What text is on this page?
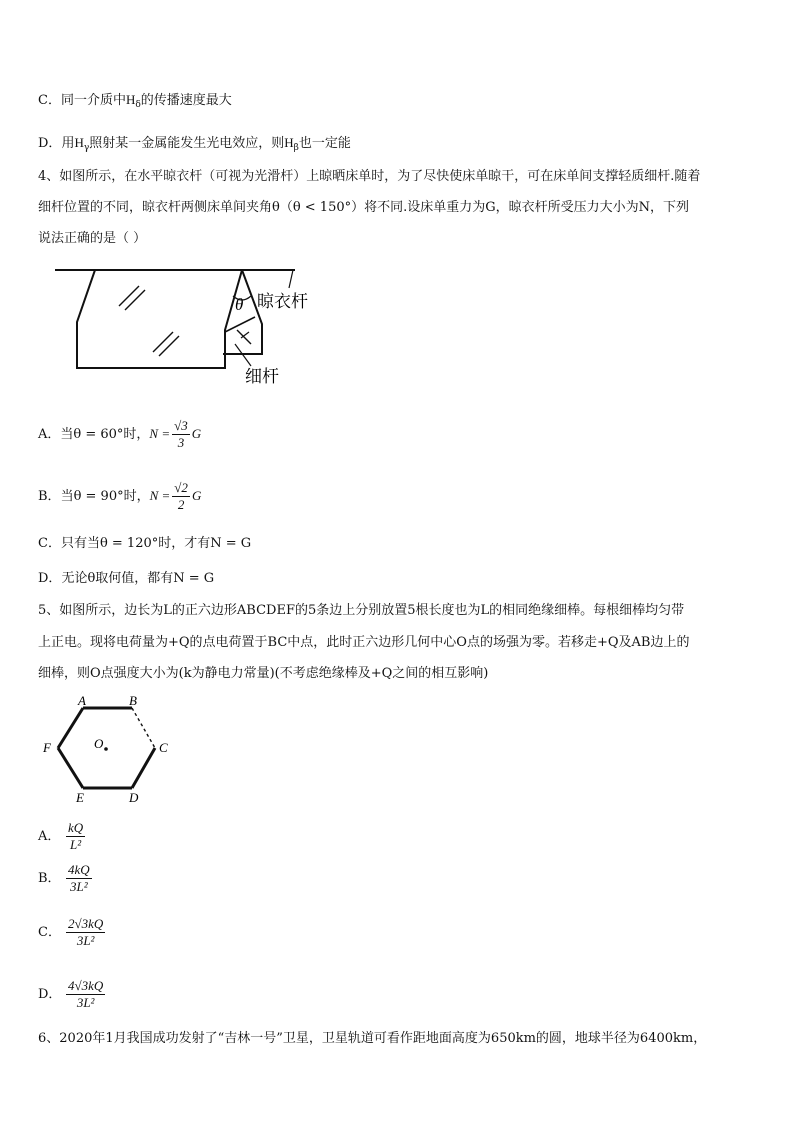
C．同一介质中$H_\delta$的传播速度最大
D．用$H_\gamma$照射某一金属能发生光电效应，则$H_\beta$也一定能
4、如图所示，在水平晾衣杆（可视为光滑杆）上晾晒床单时，为了尽快使床单晾干，可在床单间支撑轻质细杆.随着
细杆位置的不同，晾衣杆两侧床单间夹角θ（θ < 150°）将不同.设床单重力为G，晾衣杆所受压力大小为N，下列
说法正确的是（ ）
θ 晾衣杆
细杆
A．当θ = 60°时，$N = \frac{√3}{3}$ G
B．当θ = 90°时，$N = \frac{√2}{2}$ G
C．只有当θ = 120°时，才有N = G
D．无论θ取何值，都有N = G
5、如图所示，边长为L的正六边形ABCDEF的5条边上分别放置5根长度也为L的相同绝缘细棒。每根细棒均匀带
上正电。现将电荷量为+Q的点电荷置于BC中点，此时正六边形几何中心O点的场强为零。若移走+Q及AB边上的
细棒，则O点强度大小为(k为静电力常量)(不考虑绝缘棒及+Q之间的相互影响)
A	B
C
D
E
F	O
A． $\frac{kQ}{\text{L²}}$
B． $\frac{4kQ}{\text{3L²}}$
C． $\frac{2√3kQ}{\text{3L²}}$
D． $\frac{4√3kQ}{\text{3L²}}$
6、2020年1月我国成功发射了“吉林一号”卫星，卫星轨道可看作距地面高度为650km的圆，地球半径为6400km，
